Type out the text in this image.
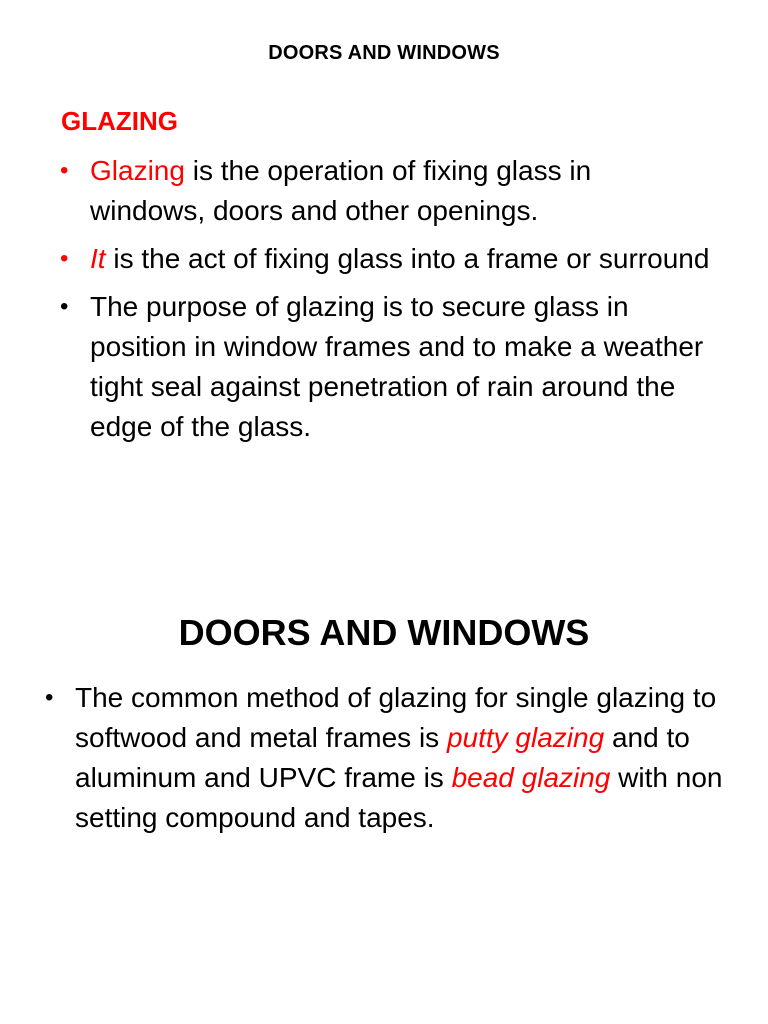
DOORS AND WINDOWS
GLAZING
• Glazing is the operation of fixing glass in windows, doors and other openings.
• It is the act of fixing glass into a frame or surround
• The purpose of glazing is to secure glass in position in window frames and to make a weather tight seal against penetration of rain around the edge of the glass.
DOORS AND WINDOWS
• The common method of glazing for single glazing to softwood and metal frames is putty glazing and to aluminum and UPVC frame is bead glazing with non setting compound and tapes.
